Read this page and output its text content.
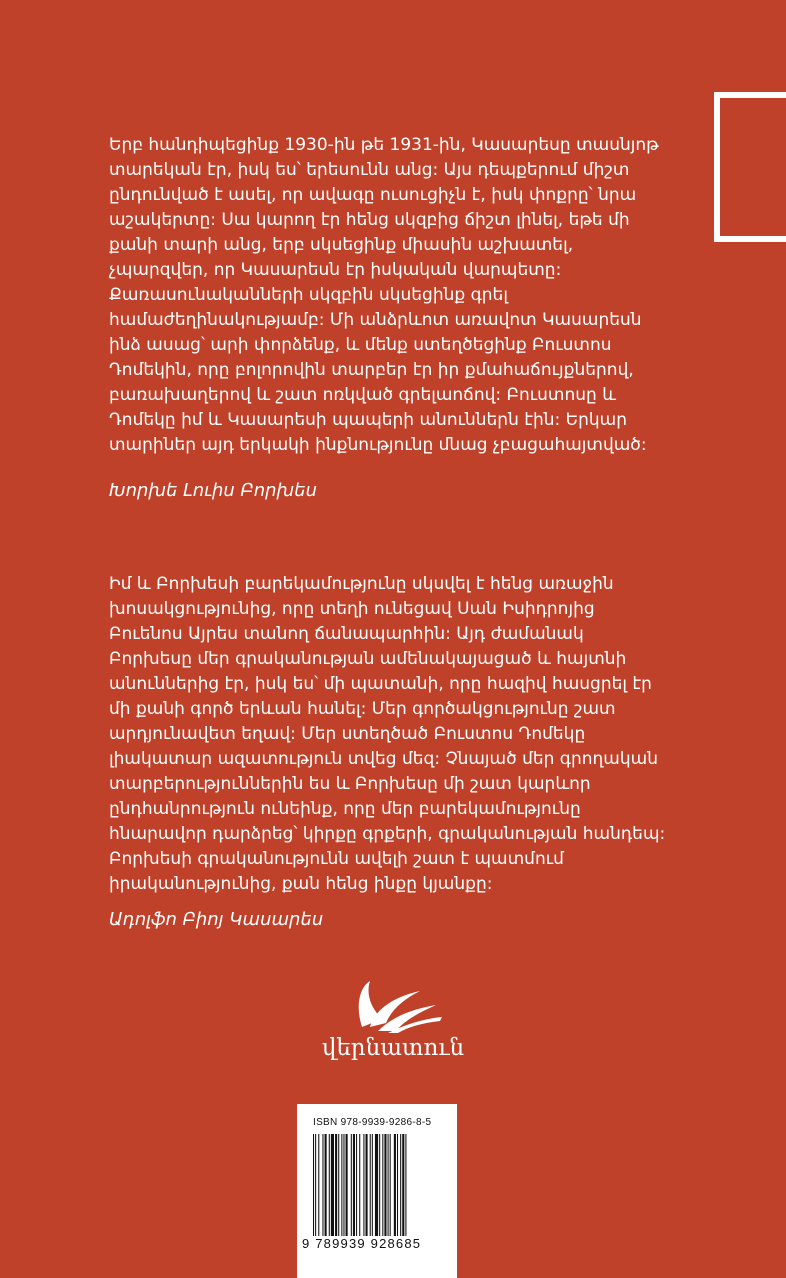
Երբ հանդիպեցինք 1930-ին թե 1931-ին, Կասարեսը տասնյոթ տարեկան էր, իսկ ես՝ երեսունն անց: Այս դեպքերում միշտ ընդունված է ասել, որ ավագը ուսուցիչն է, իսկ փոքրը՝ նրա աշակերտը: Սա կարող էր հենց սկզբից ճիշտ լինել, եթե մի քանի տարի անց, երբ սկսեցինք միասին աշխատել, չպարզվեր, որ Կասարեսն էր իսկական վարպետը: Քառասունականների սկզբին սկսեցինք գրել համաժեղինակությամբ: Մի անձրևոտ առավոտ Կասարեսն ինձ ասաց՝ արի փորձենք, և մենք ստեղծեցինք Բուստոս Դոմեկին, որը բոլորովին տարբեր էր իր քմահաճույքներով, բառախաղերով և շատ ոռկված գրելաոճով: Բուստոսը և Դոմեկը իմ և Կասարեսի պապերի անուններն էին: Երկար տարիներ այդ երկակի ինքնությունը մնաց չբացահայտված:

Խորխե Լուիս Բորխես

Իմ և Բորխեսի բարեկամությունը սկսվել է հենց առաջին խոսակցությունից, որը տեղի ունեցավ Սան Իսիդրոյից Բուենոս Այրես տանող ճանապարհին: Այդ ժամանակ Բորխեսը մեր գրականության ամենակայացած և հայտնի անուններից էր, իսկ ես՝ մի պատանի, որը հազիվ հասցրել էր մի քանի գործ երևան հանել: Մեր գործակցությունը շատ արդյունավետ եղավ: Մեր ստեղծած Բուստոս Դոմեկը լիակատար ազատություն տվեց մեզ: Չնայած մեր գրողական տարբերություններին ես և Բորխեսը մի շատ կարևոր ընդհանրություն ունեինք, որը մեր բարեկամությունը հնարավոր դարձրեց՝ կիրքը գրքերի, գրականության հանդեպ: Բորխեսի գրականությունն ավելի շատ է պատմում իրականությունից, քան հենց ինքը կյանքը:

Ադոլֆո Բիոյ Կասարես
վերնատուն
ISBN 978-9939-9286-8-5
9 789939 928685
